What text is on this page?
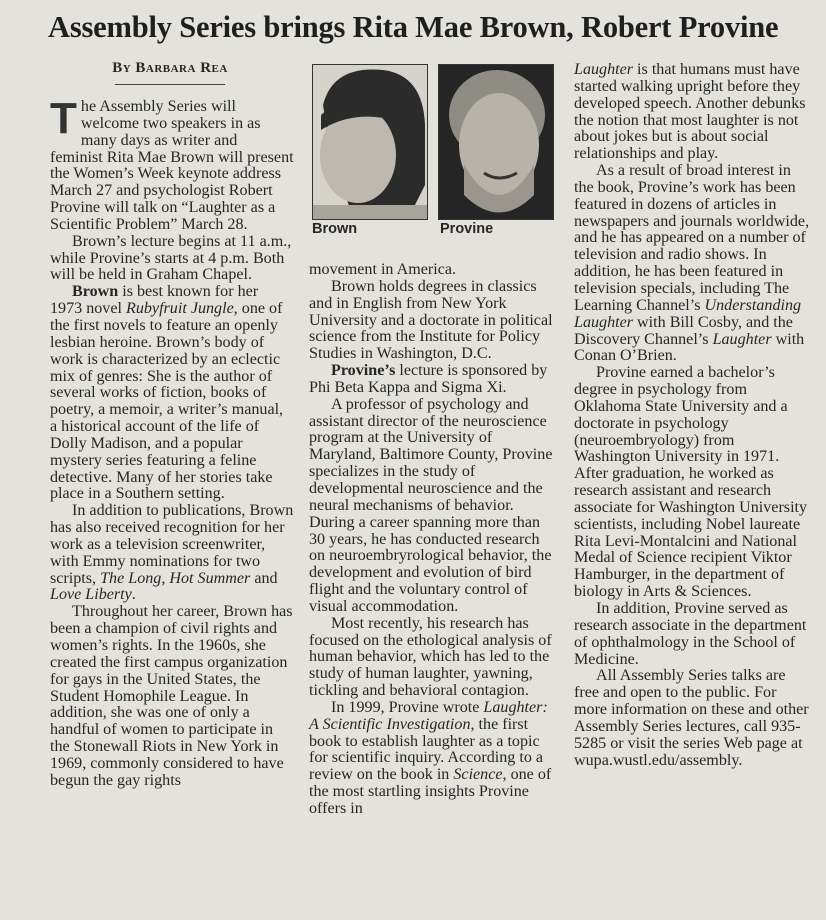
Assembly Series brings Rita Mae Brown, Robert Provine
By Barbara Rea
Brown	Provine

The Assembly Series will welcome two speakers in as many days as writer and feminist Rita Mae Brown will present the Women’s Week keynote address March 27 and psychologist Robert Provine will talk on “Laughter as a Scientific Problem” March 28.

Brown’s lecture begins at 11 a.m., while Provine’s starts at 4 p.m. Both will be held in Graham Chapel.

Brown is best known for her 1973 novel Rubyfruit Jungle, one of the first novels to feature an openly lesbian heroine. Brown’s body of work is characterized by an eclectic mix of genres: She is the author of several works of fiction, books of poetry, a memoir, a writer’s manual, a historical account of the life of Dolly Madison, and a popular mystery series featuring a feline detective. Many of her stories take place in a Southern setting.

In addition to publications, Brown has also received recognition for her work as a television screenwriter, with Emmy nominations for two scripts, The Long, Hot Summer and Love Liberty.

Throughout her career, Brown has been a champion of civil rights and women’s rights. In the 1960s, she created the first campus organization for gays in the United States, the Student Homophile League. In addition, she was one of only a handful of women to participate in the Stonewall Riots in New York in 1969, commonly considered to have begun the gay rights

movement in America.

Brown holds degrees in classics and in English from New York University and a doctorate in political science from the Institute for Policy Studies in Washington, D.C.

Provine’s lecture is sponsored by Phi Beta Kappa and Sigma Xi.

A professor of psychology and assistant director of the neuroscience program at the University of Maryland, Baltimore County, Provine specializes in the study of developmental neuroscience and the neural mechanisms of behavior. During a career spanning more than 30 years, he has conducted research on neuroembryrological behavior, the development and evolution of bird flight and the voluntary control of visual accommodation.

Most recently, his research has focused on the ethological analysis of human behavior, which has led to the study of human laughter, yawning, tickling and behavioral contagion.

In 1999, Provine wrote Laughter: A Scientific Investigation, the first book to establish laughter as a topic for scientific inquiry. According to a review on the book in Science, one of the most startling insights Provine offers in

Laughter is that humans must have started walking upright before they developed speech. Another debunks the notion that most laughter is not about jokes but is about social relationships and play.

As a result of broad interest in the book, Provine’s work has been featured in dozens of articles in newspapers and journals worldwide, and he has appeared on a number of television and radio shows. In addition, he has been featured in television specials, including The Learning Channel’s Understanding Laughter with Bill Cosby, and the Discovery Channel’s Laughter with Conan O’Brien.

Provine earned a bachelor’s degree in psychology from Oklahoma State University and a doctorate in psychology (neuroembryology) from Washington University in 1971. After graduation, he worked as research assistant and research associate for Washington University scientists, including Nobel laureate Rita Levi-Montalcini and National Medal of Science recipient Viktor Hamburger, in the department of biology in Arts & Sciences.

In addition, Provine served as research associate in the department of ophthalmology in the School of Medicine.

All Assembly Series talks are free and open to the public. For more information on these and other Assembly Series lectures, call 935-5285 or visit the series Web page at wupa.wustl.edu/assembly.
